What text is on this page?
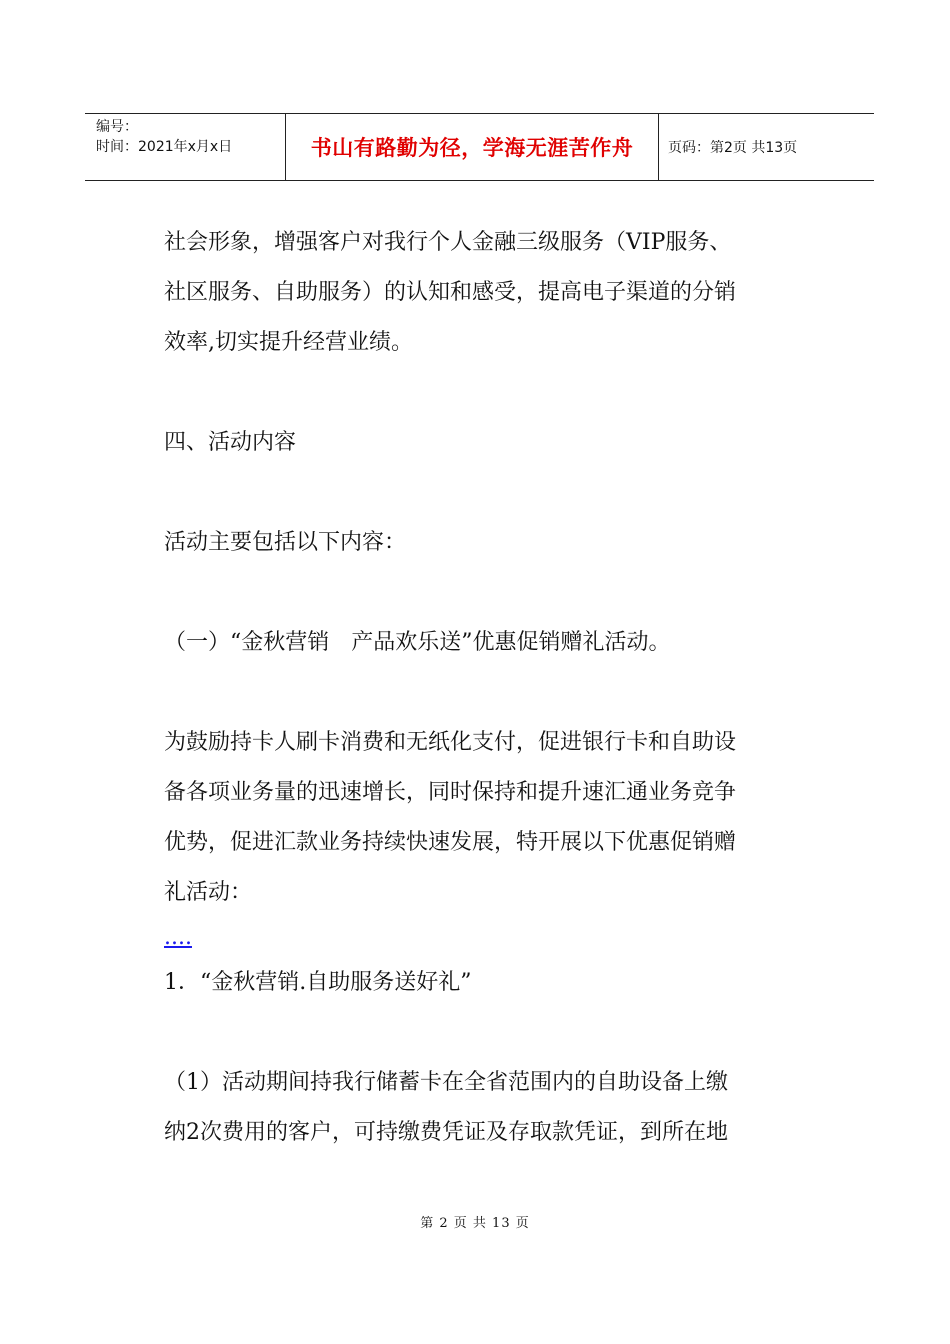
编号：
时间：2021年x月x日	书山有路勤为径，学海无涯苦作舟 页码：第2页 共13页

社会形象，增强客户对我行个人金融三级服务（VIP服务、

社区服务、自助服务）的认知和感受，提高电子渠道的分销

效率,切实提升经营业绩。

四、活动内容

活动主要包括以下内容：

（一）“金秋营销　产品欢乐送”优惠促销赠礼活动。

为鼓励持卡人刷卡消费和无纸化支付，促进银行卡和自助设

备各项业务量的迅速增长，同时保持和提升速汇通业务竞争

优势，促进汇款业务持续快速发展，特开展以下优惠促销赠

礼活动：

....

1．“金秋营销.自助服务送好礼”

（1）活动期间持我行储蓄卡在全省范围内的自助设备上缴

纳2次费用的客户，可持缴费凭证及存取款凭证，到所在地

第 2 页 共 13 页
